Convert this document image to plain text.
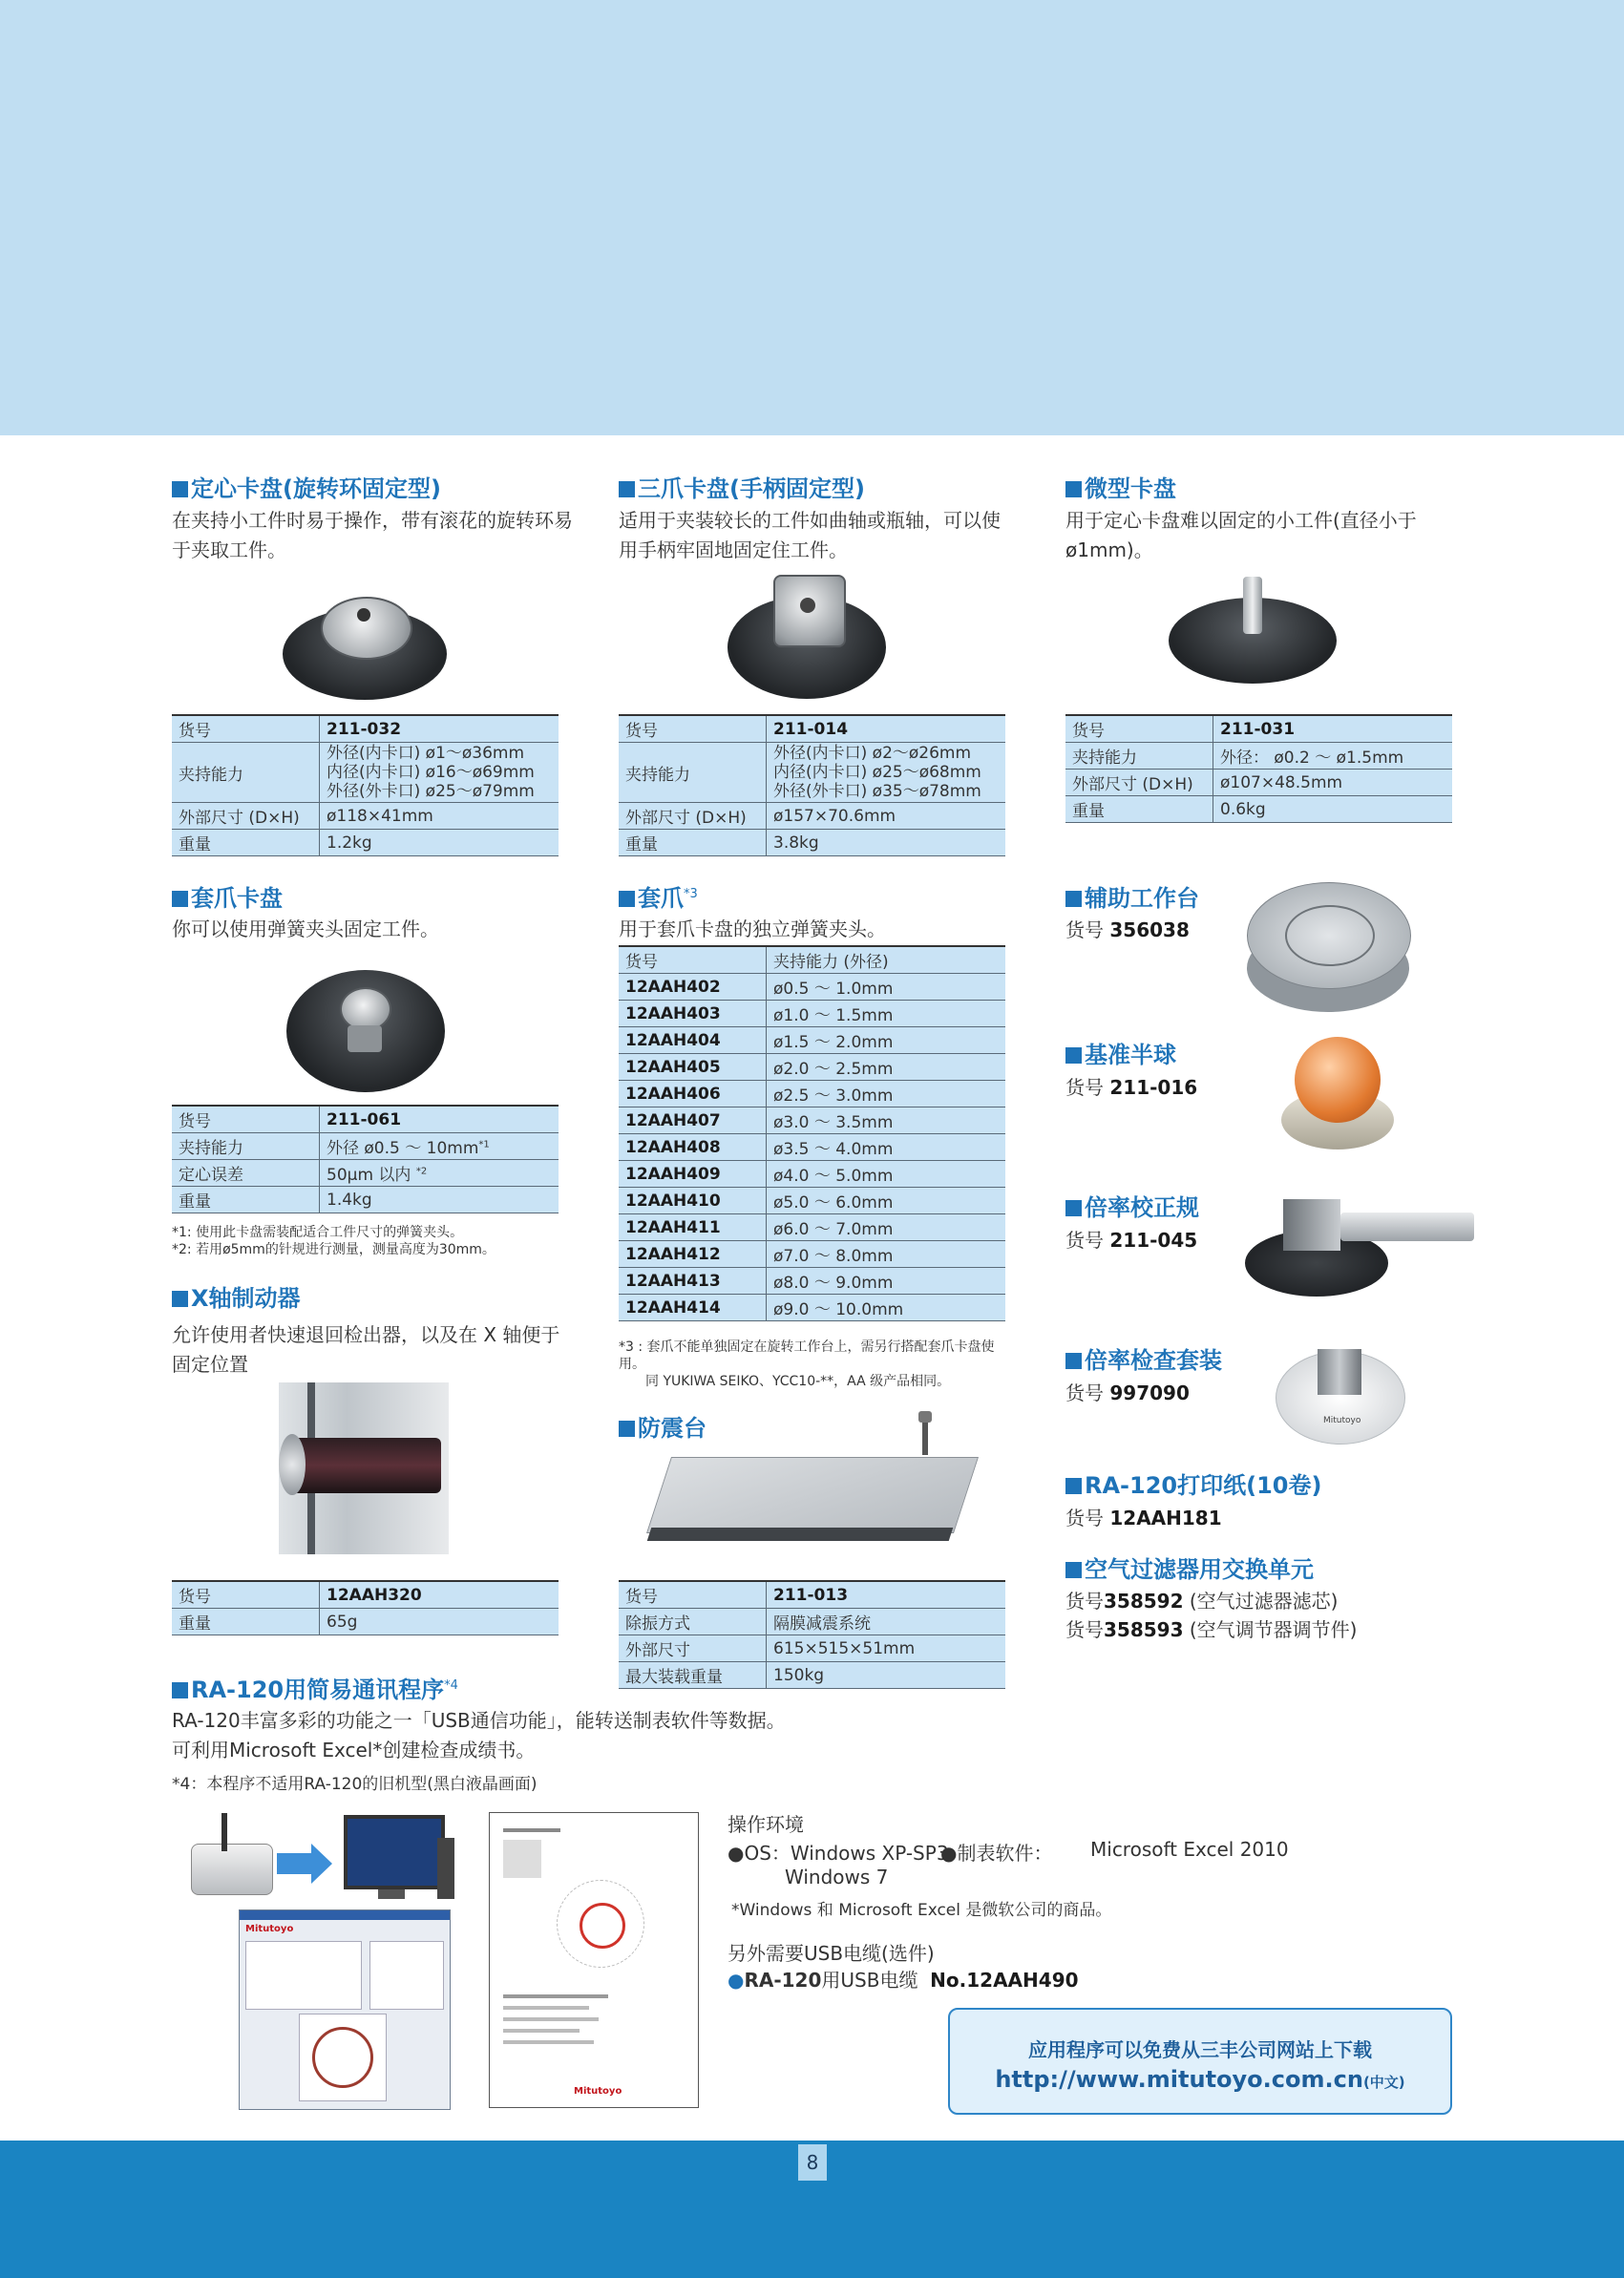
定心卡盘(旋转环固定型)
在夹持小工件时易于操作，带有滚花的旋转环易于夹取工件。
货号	211-032
夹持能力	外径(内卡口) ø1～ø36mm
内径(内卡口) ø16～ø69mm
外径(外卡口) ø25～ø79mm

外部尺寸 (D×H)	ø118×41mm
重量	1.2kg
套爪卡盘
你可以使用弹簧夹头固定工件。
货号	211-061
夹持能力	外径 ø0.5 ～ $10mm^{*1}$
定心误差	50µm 以内 $^{*2}$
重量	1.4kg
*1: 使用此卡盘需装配适合工件尺寸的弹簧夹头。
*2: 若用ø5mm的针规进行测量，测量高度为30mm。
X轴制动器
允许使用者快速退回检出器，以及在 X 轴便于固定位置
货号	12AAH320
重量	65g
三爪卡盘(手柄固定型)
适用于夹装较长的工件如曲轴或瓶轴，可以使用手柄牢固地固定住工件。
货号	211-014
夹持能力	外径(内卡口) ø2～ø26mm
内径(内卡口) ø25～ø68mm
外径(外卡口) ø35～ø78mm

外部尺寸 (D×H)	ø157×70.6mm
重量	3.8kg
套爪$^{*3}$
用于套爪卡盘的独立弹簧夹头。
货号	夹持能力 (外径)
12AAH402	ø0.5 ～ 1.0mm
12AAH403	ø1.0 ～ 1.5mm
12AAH404	ø1.5 ～ 2.0mm
12AAH405	ø2.0 ～ 2.5mm
12AAH406	ø2.5 ～ 3.0mm
12AAH407	ø3.0 ～ 3.5mm
12AAH408	ø3.5 ～ 4.0mm
12AAH409	ø4.0 ～ 5.0mm
12AAH410	ø5.0 ～ 6.0mm
12AAH411	ø6.0 ～ 7.0mm
12AAH412	ø7.0 ～ 8.0mm
12AAH413	ø8.0 ～ 9.0mm
12AAH414	ø9.0 ～ 10.0mm
*3 : 套爪不能单独固定在旋转工作台上，需另行搭配套爪卡盘使用。
同 YUKIWA SEIKO、YCC10-**，AA 级产品相同。
防震台
货号	211-013
除振方式	隔膜减震系统
外部尺寸	615×515×51mm
最大装载重量	150kg
微型卡盘
用于定心卡盘难以固定的小工件(直径小于ø1mm)。
货号	211-031
夹持能力	外径： ø0.2 ～ ø1.5mm
外部尺寸 (D×H)	ø107×48.5mm
重量	0.6kg
辅助工作台
货号 356038
基准半球
货号 211-016
倍率校正规
货号 211-045
倍率检查套装
货号 997090
Mitutoyo
RA-120打印纸(10卷)
货号 12AAH181
空气过滤器用交换单元
货号358592 (空气过滤器滤芯)
货号358593 (空气调节器调节件)
RA-120用简易通讯程序$^{*4}$
RA-120丰富多彩的功能之一「USB通信功能」，能转送制表软件等数据。
可利用Microsoft Excel*创建检查成绩书。
*4：本程序不适用RA-120的旧机型(黑白液晶画面)
Mitutoyo
Mitutoyo
操作环境
●OS：Windows XP-SP3
●制表软件： Microsoft Excel 2010
Windows 7
*Windows 和 Microsoft Excel 是微软公司的商品。
另外需要USB电缆(选件)
●RA-120用USB电缆 No.12AAH490
应用程序可以免费从三丰公司网站上下载
http://www.mitutoyo.com.cn(中文)
8
